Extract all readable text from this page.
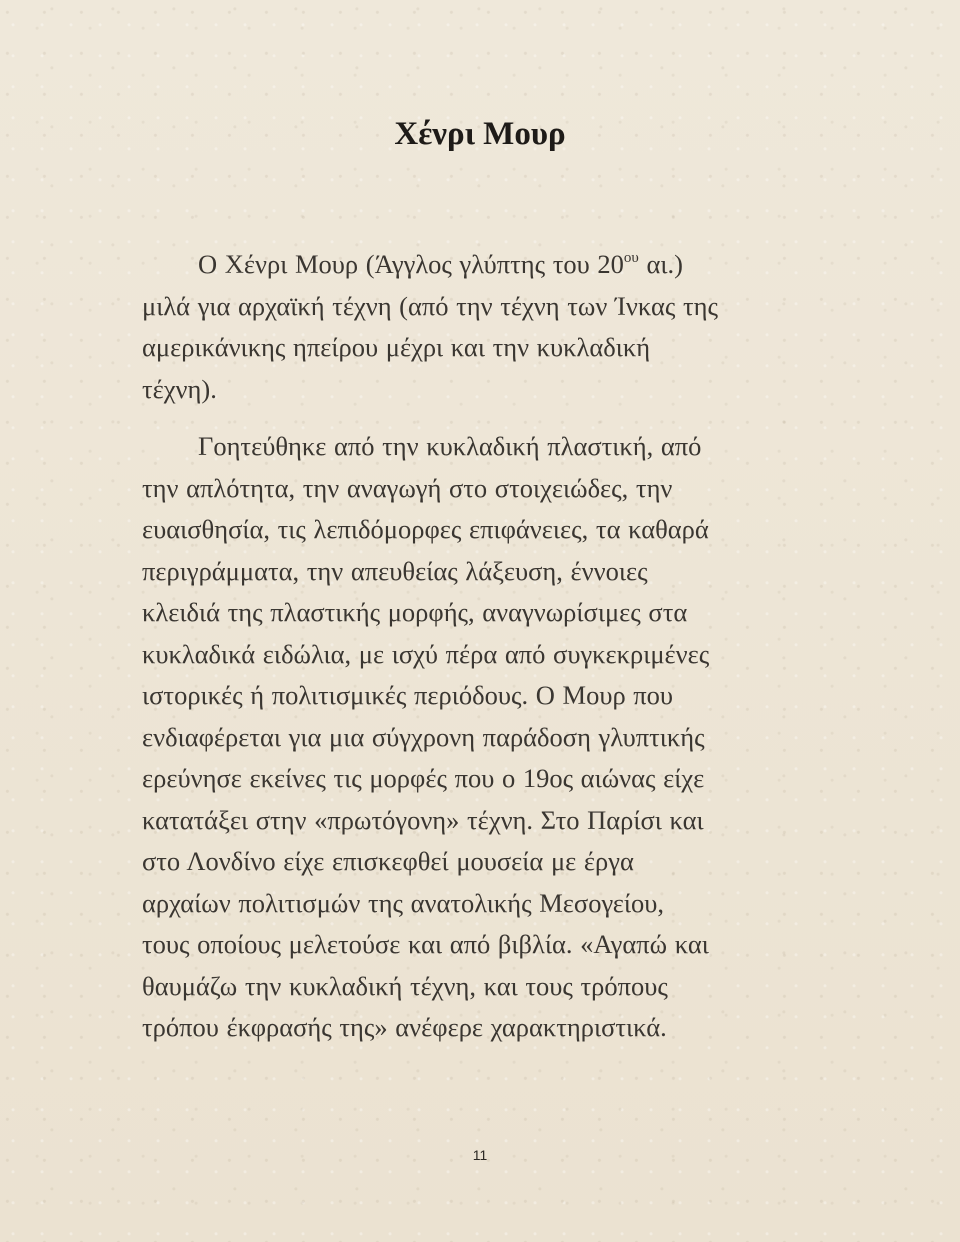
Χένρι Μουρ

Ο Χένρι Μουρ (Άγγλος γλύπτης του $20^{o\upsilon}$ αι.)
μιλά για αρχαϊκή τέχνη (από την τέχνη των Ίνκας της
αμερικάνικης ηπείρου μέχρι και την κυκλαδική
τέχνη).

Γοητεύθηκε από την κυκλαδική πλαστική, από
την απλότητα, την αναγωγή στο στοιχειώδες, την
ευαισθησία, τις λεπιδόμορφες επιφάνειες, τα καθαρά
περιγράμματα, την απευθείας λάξευση, έννοιες
κλειδιά της πλαστικής μορφής, αναγνωρίσιμες στα
κυκλαδικά ειδώλια, με ισχύ πέρα από συγκεκριμένες
ιστορικές ή πολιτισμικές περιόδους. Ο Μουρ που
ενδιαφέρεται για μια σύγχρονη παράδοση γλυπτικής
ερεύνησε εκείνες τις μορφές που ο 19ος αιώνας είχε
κατατάξει στην «πρωτόγονη» τέχνη. Στο Παρίσι και
στο Λονδίνο είχε επισκεφθεί μουσεία με έργα
αρχαίων πολιτισμών της ανατολικής Μεσογείου,
τους οποίους μελετούσε και από βιβλία. «Αγαπώ και
θαυμάζω την κυκλαδική τέχνη, και τους τρόπους
τρόπου έκφρασής της» ανέφερε χαρακτηριστικά.

11
